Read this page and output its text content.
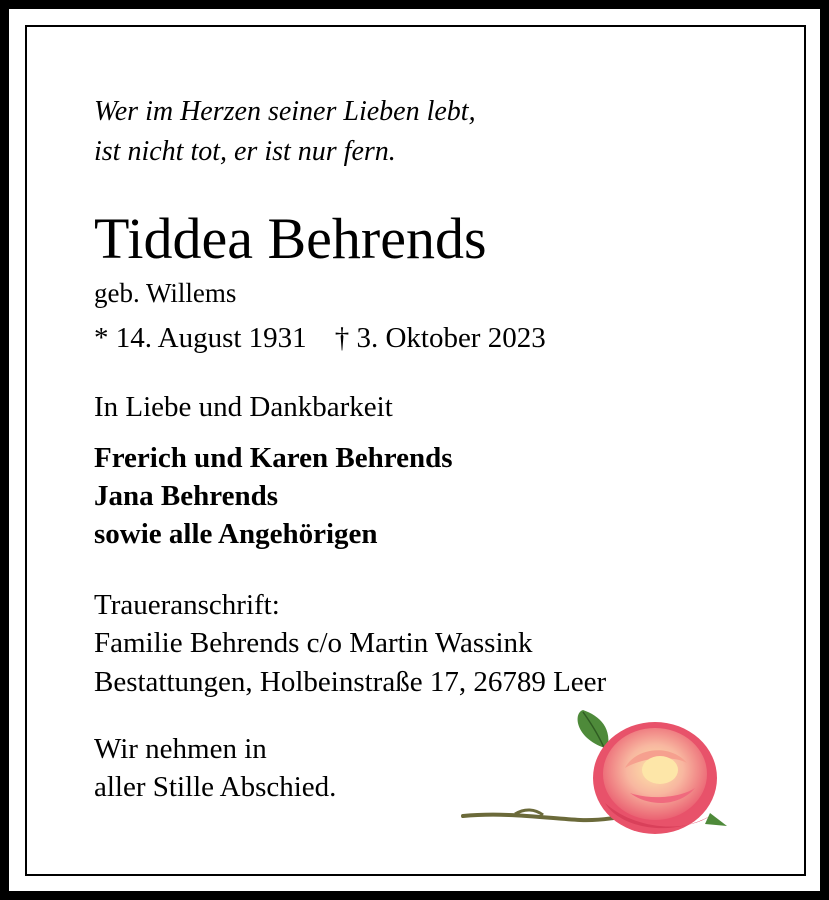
Wer im Herzen seiner Lieben lebt,
ist nicht tot, er ist nur fern.
Tiddea Behrends
geb. Willems
* 14. August 1931 † 3. Oktober 2023
In Liebe und Dankbarkeit
Frerich und Karen Behrends
Jana Behrends
sowie alle Angehörigen
Traueranschrift:
Familie Behrends c/o Martin Wassink
Bestattungen, Holbeinstraße 17, 26789 Leer
Wir nehmen in
aller Stille Abschied.
